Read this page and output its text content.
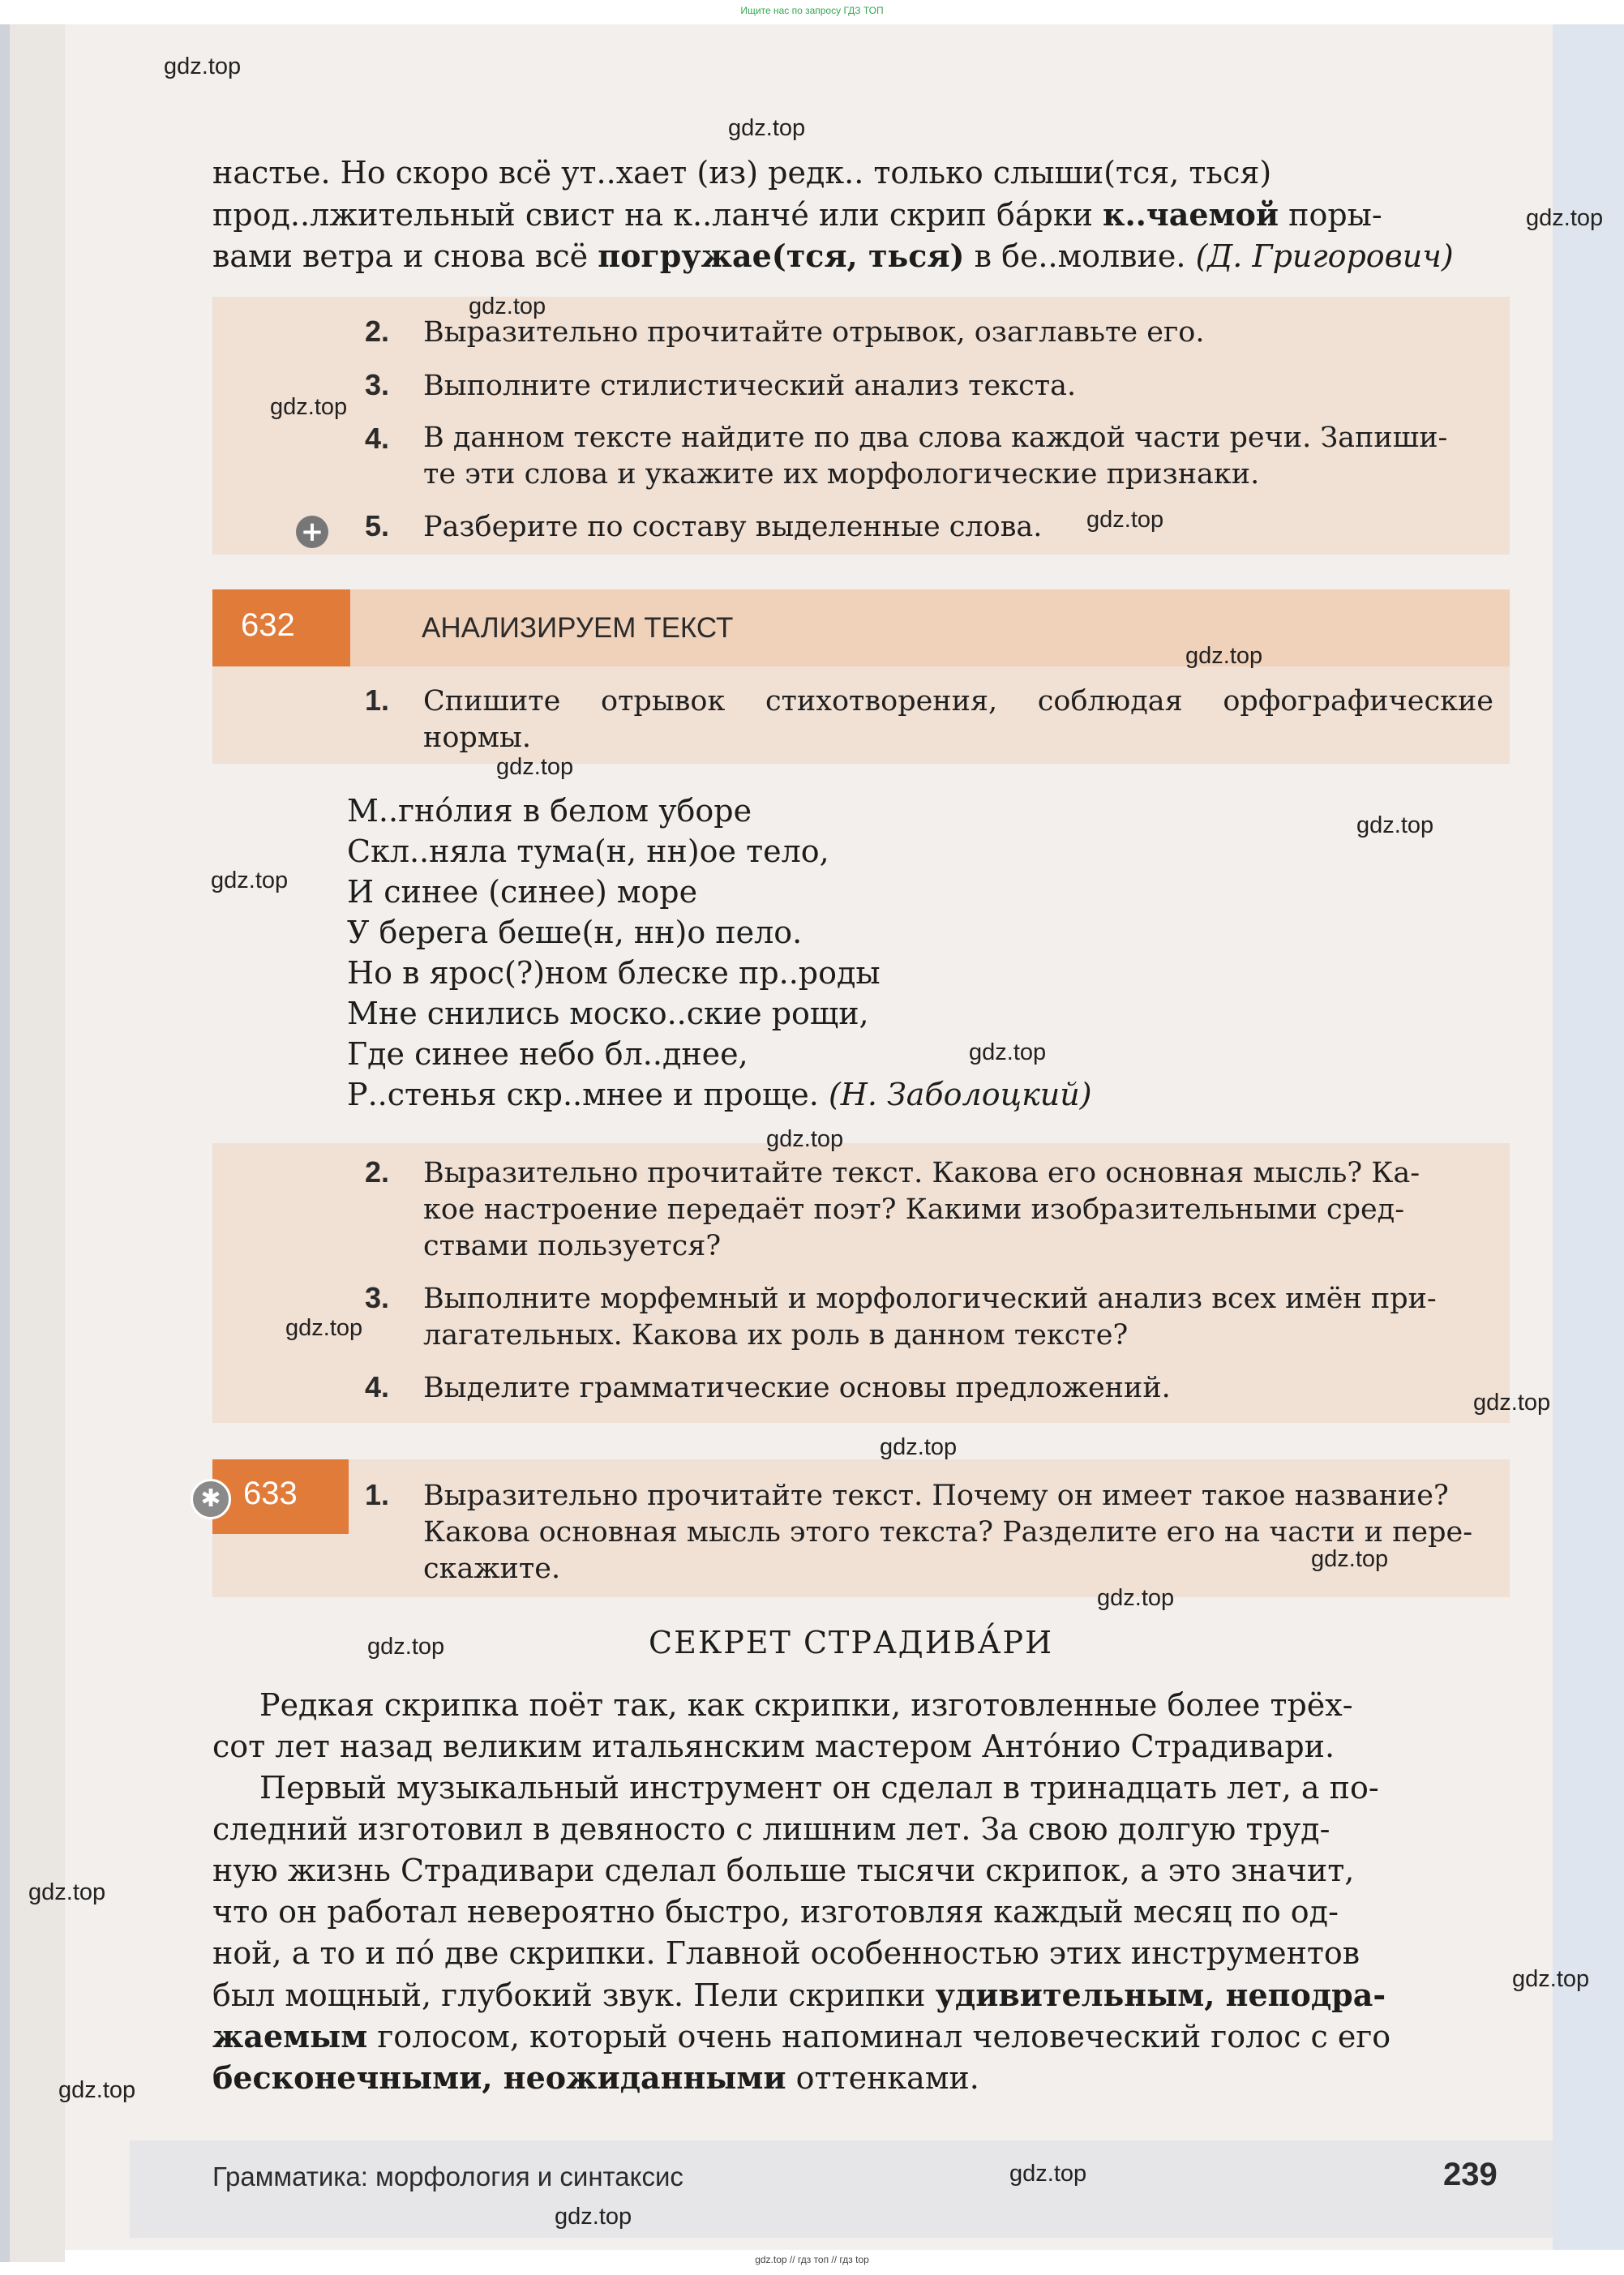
Ищите нас по запросу ГДЗ ТОП
настье. Но скоро всё ут..хает (из) редк.. только слыши(тся, ться)
прод..лжительный свист на к..ланче́ или скрип ба́рки к..чаемой поры-
вами ветра и снова всё погружае(тся, ться) в бе..молвие. (Д. Григорович)
2. Выразительно прочитайте отрывок, озаглавьте его.
3. Выполните стилистический анализ текста.
4. В данном тексте найдите по два слова каждой части речи. Запиши-
те эти слова и укажите их морфологические признаки.
+ 5. Разберите по составу выделенные слова.
632	АНАЛИЗИРУЕМ ТЕКСТ
1. Спишите отрывок стихотворения, соблюдая орфографические
нормы.
М..гно́лия в белом уборе
Скл..няла тума(н, нн)ое тело,
И синее (синее) море
У берега беше(н, нн)о пело.
Но в ярос(?)ном блеске пр..роды
Мне снились моско..ские рощи,
Где синее небо бл..днее,
Р..стенья скр..мнее и проще. (Н. Заболоцкий)
2. Выразительно прочитайте текст. Какова его основная мысль? Ка-
кое настроение передаёт поэт? Какими изобразительными сред-
ствами пользуется?
3. Выполните морфемный и морфологический анализ всех имён при-
лагательных. Какова их роль в данном тексте?
4. Выделите грамматические основы предложений.
633
✱	1. Выразительно прочитайте текст. Почему он имеет такое название?
Какова основная мысль этого текста? Разделите его на части и пере-
скажите.
СЕКРЕТ СТРАДИВА́РИ
Редкая скрипка поёт так, как скрипки, изготовленные более трёх-
сот лет назад великим итальянским мастером Анто́нио Страдивари.
Первый музыкальный инструмент он сделал в тринадцать лет, а по-
следний изготовил в девяносто с лишним лет. За свою долгую труд-
ную жизнь Страдивари сделал больше тысячи скрипок, а это значит,
что он работал невероятно быстро, изготовляя каждый месяц по од-
ной, а то и по́ две скрипки. Главной особенностью этих инструментов
был мощный, глубокий звук. Пели скрипки удивительным, неподра-
жаемым голосом, который очень напоминал человеческий голос с его
бесконечными, неожиданными оттенками.
Грамматика: морфология и синтаксис	239
gdz.top
gdz.top
gdz.top
gdz.top
gdz.top
gdz.top
gdz.top
gdz.top
gdz.top
gdz.top
gdz.top
gdz.top
gdz.top
gdz.top
gdz.top
gdz.top
gdz.top
gdz.top
gdz.top
gdz.top
gdz.top
gdz.top
gdz.top
gdz.top // гдз топ // гдз top
